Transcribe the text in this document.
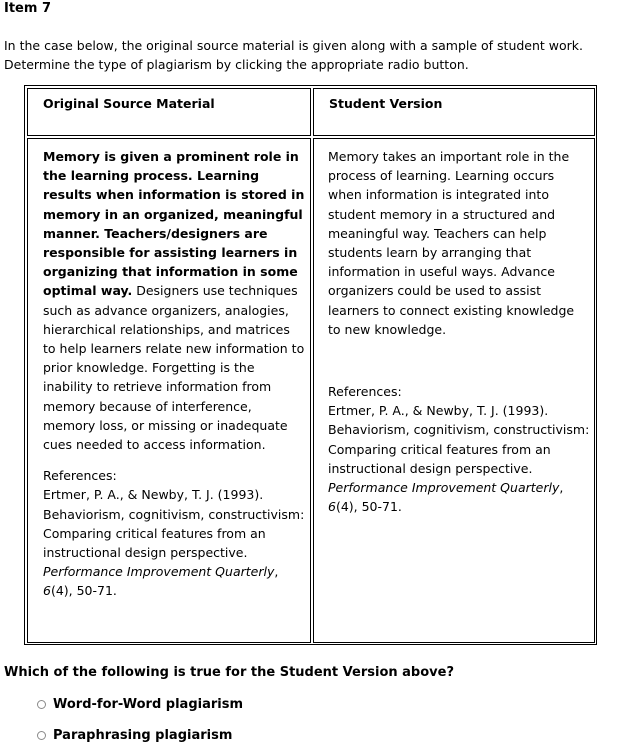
Item 7
In the case below, the original source material is given along with a sample of student work. Determine the type of plagiarism by clicking the appropriate radio button.
Original Source Material	Student Version
Memory is given a prominent role in the learning process. Learning results when information is stored in memory in an organized, meaningful manner. Teachers/designers are responsible for assisting learners in organizing that information in some optimal way. Designers use techniques such as advance organizers, analogies, hierarchical relationships, and matrices to help learners relate new information to prior knowledge. Forgetting is the inability to retrieve information from memory because of interference, memory loss, or missing or inadequate cues needed to access information.
References:
Ertmer, P. A., & Newby, T. J. (1993). Behaviorism, cognitivism, constructivism: Comparing critical features from an instructional design perspective. Performance Improvement Quarterly, 6(4), 50-71.
Memory takes an important role in the process of learning. Learning occurs when information is integrated into student memory in a structured and meaningful way. Teachers can help students learn by arranging that information in useful ways. Advance organizers could be used to assist learners to connect existing knowledge to new knowledge.
References:
Ertmer, P. A., & Newby, T. J. (1993). Behaviorism, cognitivism, constructivism: Comparing critical features from an instructional design perspective. Performance Improvement Quarterly, 6(4), 50-71.
Which of the following is true for the Student Version above?
Word-for-Word plagiarism
Paraphrasing plagiarism
